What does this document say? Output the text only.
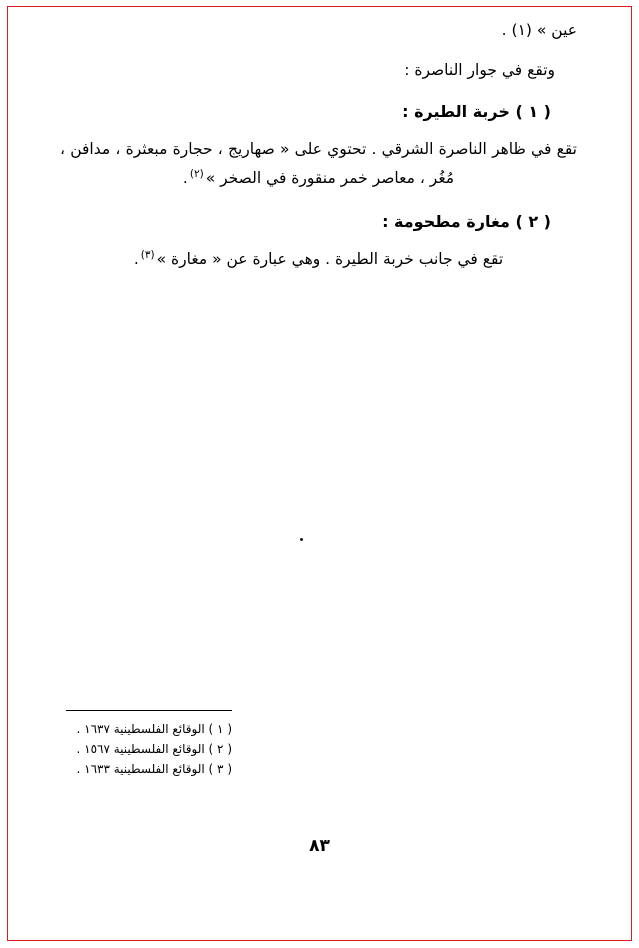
عين » (١) .

وتقع في جوار الناصرة :

( ١ ) خربة الطيرة :

تقع في ظاهر الناصرة الشرقي . تحتوي على « صهاريج ، حجارة مبعثرة ، مدافن ، مُغُر ، معاصر خمر منقورة في الصخر »$^{(٢)}$.

( ٢ ) مغارة مطحومة :

تقع في جانب خربة الطيرة . وهي عبارة عن « مغارة »$^{(٣)}$.

( ١ ) الوقائع الفلسطينية ١٦٣٧ .

( ٢ ) الوقائع الفلسطينية ١٥٦٧ .

( ٣ ) الوقائع الفلسطينية ١٦٣٣ .

٨٣
